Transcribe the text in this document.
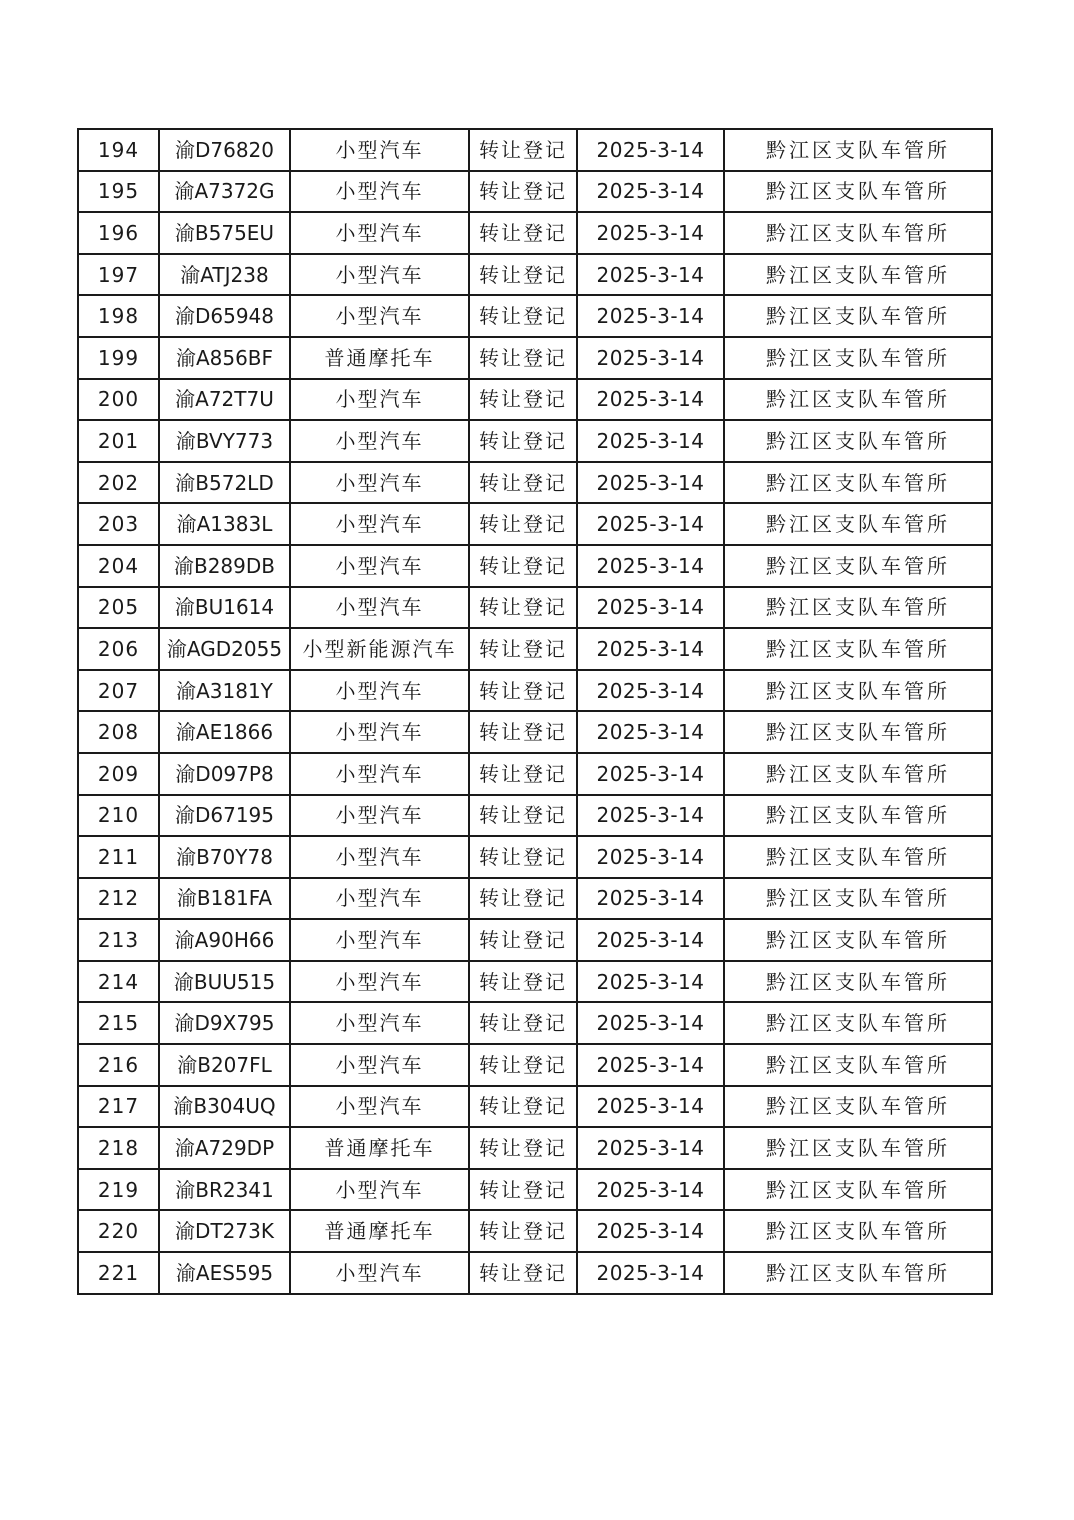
194	渝D76820	小型汽车	转让登记	2025-3-14	黔江区支队车管所
195	渝A7372G	小型汽车	转让登记	2025-3-14	黔江区支队车管所
196	渝B575EU	小型汽车	转让登记	2025-3-14	黔江区支队车管所
197	渝ATJ238	小型汽车	转让登记	2025-3-14	黔江区支队车管所
198	渝D65948	小型汽车	转让登记	2025-3-14	黔江区支队车管所
199	渝A856BF	普通摩托车	转让登记	2025-3-14	黔江区支队车管所
200	渝A72T7U	小型汽车	转让登记	2025-3-14	黔江区支队车管所
201	渝BVY773	小型汽车	转让登记	2025-3-14	黔江区支队车管所
202	渝B572LD	小型汽车	转让登记	2025-3-14	黔江区支队车管所
203	渝A1383L	小型汽车	转让登记	2025-3-14	黔江区支队车管所
204	渝B289DB	小型汽车	转让登记	2025-3-14	黔江区支队车管所
205	渝BU1614	小型汽车	转让登记	2025-3-14	黔江区支队车管所
206	渝AGD2055	小型新能源汽车	转让登记	2025-3-14	黔江区支队车管所
207	渝A3181Y	小型汽车	转让登记	2025-3-14	黔江区支队车管所
208	渝AE1866	小型汽车	转让登记	2025-3-14	黔江区支队车管所
209	渝D097P8	小型汽车	转让登记	2025-3-14	黔江区支队车管所
210	渝D67195	小型汽车	转让登记	2025-3-14	黔江区支队车管所
211	渝B70Y78	小型汽车	转让登记	2025-3-14	黔江区支队车管所
212	渝B181FA	小型汽车	转让登记	2025-3-14	黔江区支队车管所
213	渝A90H66	小型汽车	转让登记	2025-3-14	黔江区支队车管所
214	渝BUU515	小型汽车	转让登记	2025-3-14	黔江区支队车管所
215	渝D9X795	小型汽车	转让登记	2025-3-14	黔江区支队车管所
216	渝B207FL	小型汽车	转让登记	2025-3-14	黔江区支队车管所
217	渝B304UQ	小型汽车	转让登记	2025-3-14	黔江区支队车管所
218	渝A729DP	普通摩托车	转让登记	2025-3-14	黔江区支队车管所
219	渝BR2341	小型汽车	转让登记	2025-3-14	黔江区支队车管所
220	渝DT273K	普通摩托车	转让登记	2025-3-14	黔江区支队车管所
221	渝AES595	小型汽车	转让登记	2025-3-14	黔江区支队车管所
